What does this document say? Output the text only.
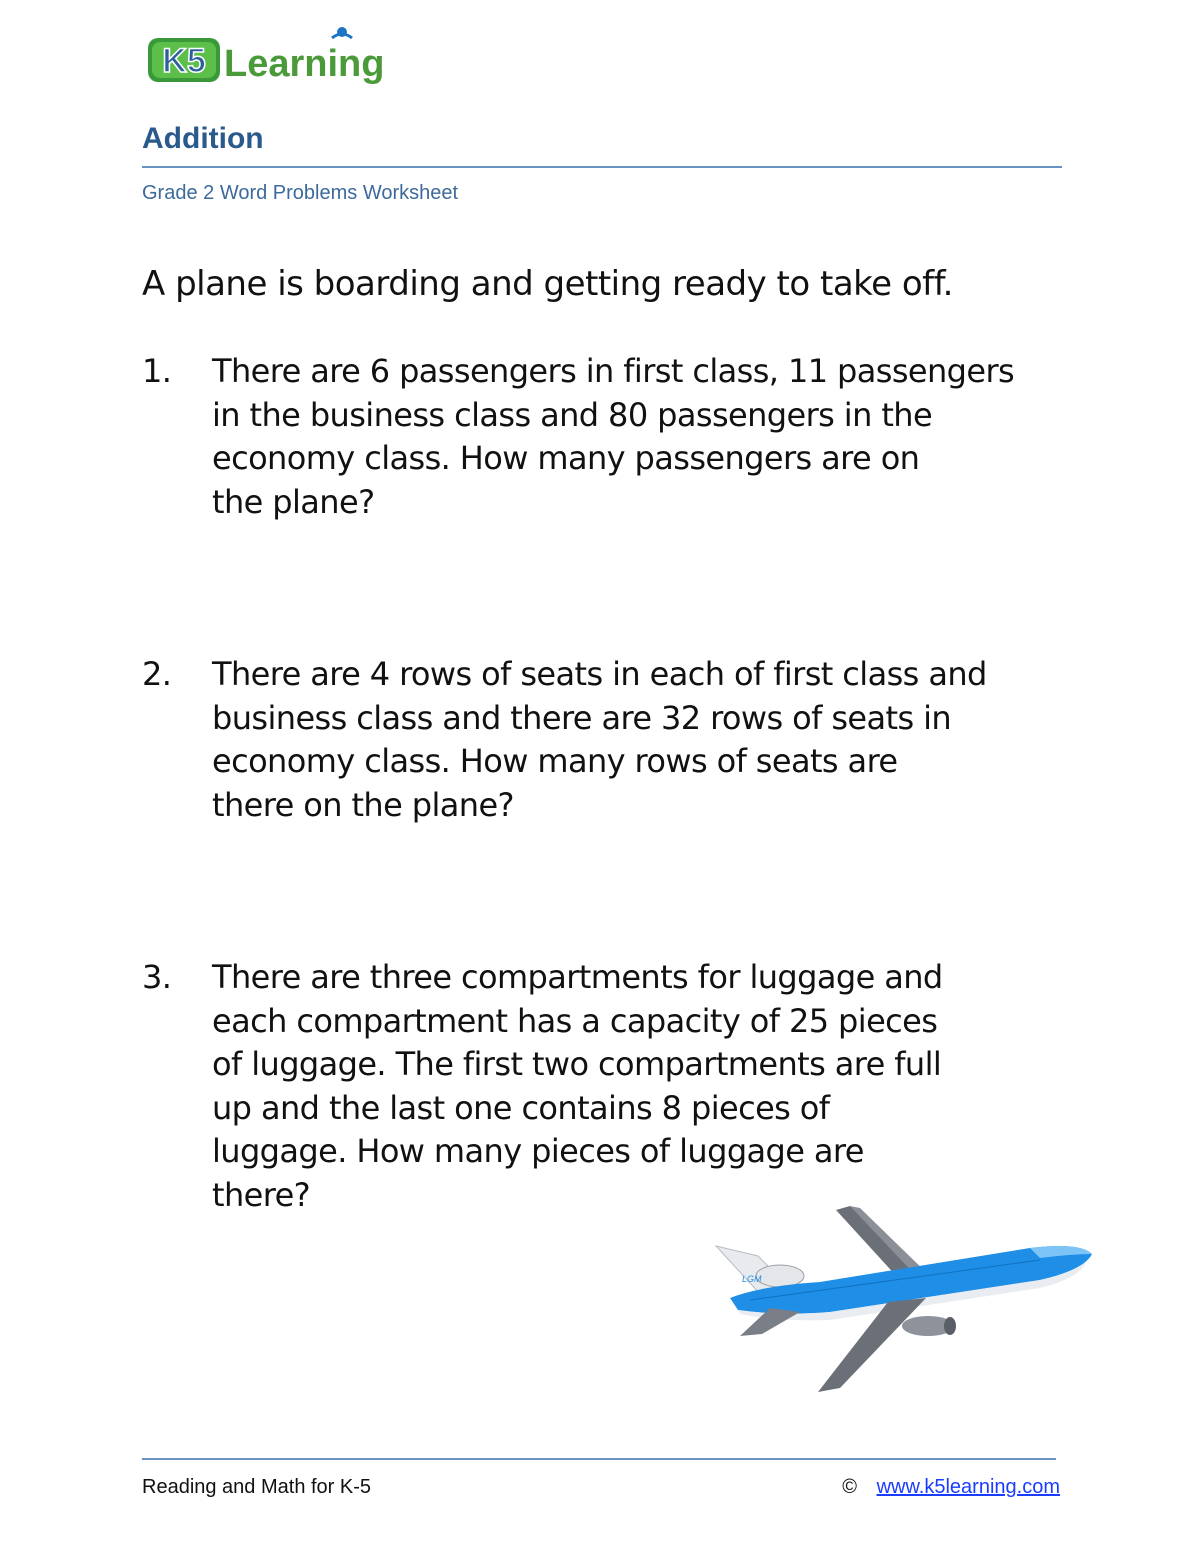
K5 Learning
Addition
Grade 2 Word Problems Worksheet
A plane is boarding and getting ready to take off.
1.	There are 6 passengers in first class, 11 passengers
in the business class and 80 passengers in the
economy class. How many passengers are on
the plane?
2.	There are 4 rows of seats in each of first class and
business class and there are 32 rows of seats in
economy class. How many rows of seats are
there on the plane?
3.	There are three compartments for luggage and
each compartment has a capacity of 25 pieces
of luggage. The first two compartments are full
up and the last one contains 8 pieces of
luggage. How many pieces of luggage are
there?
LGM
Reading and Math for K-5	© www.k5learning.com
